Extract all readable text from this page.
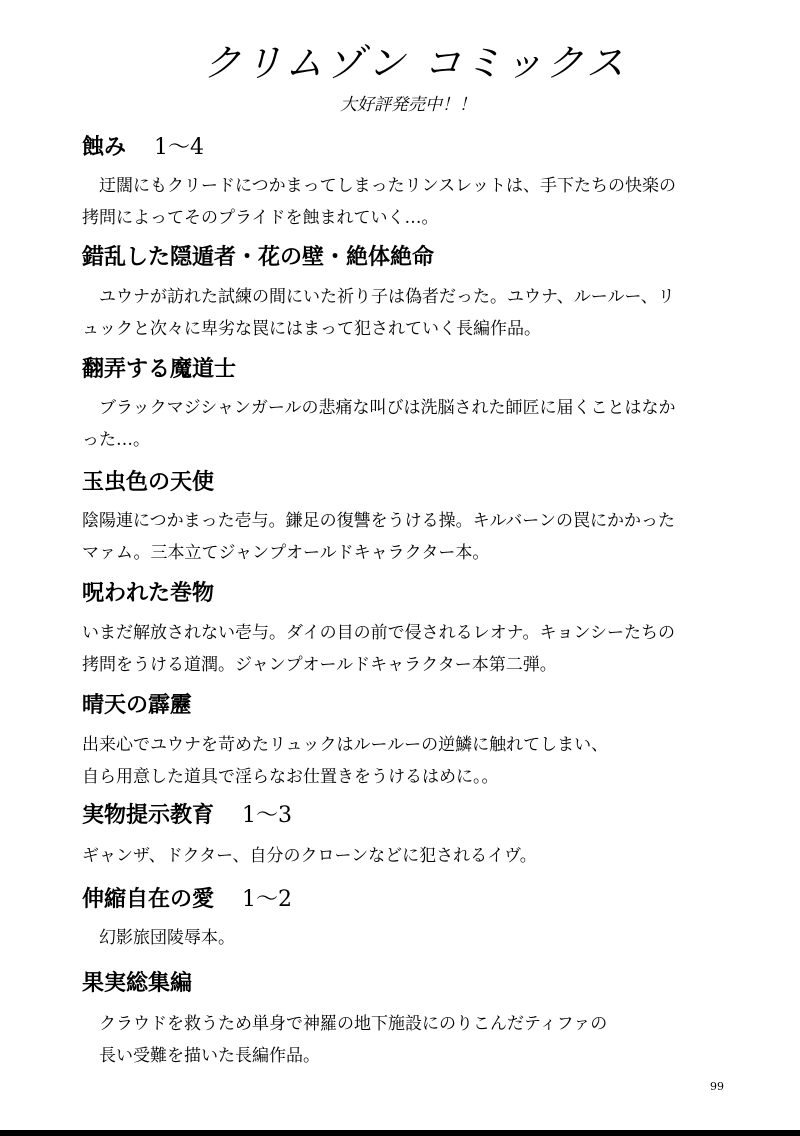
クリムゾン コミックス
大好評発売中！！
蝕み 1～4
　迂闊にもクリードにつかまってしまったリンスレットは、手下たちの快楽の
拷問によってそのプライドを蝕まれていく…。
錯乱した隠遁者・花の壁・絶体絶命
　ユウナが訪れた試練の間にいた祈り子は偽者だった。ユウナ、ルールー、リ
ュックと次々に卑劣な罠にはまって犯されていく長編作品。
翻弄する魔道士
　ブラックマジシャンガールの悲痛な叫びは洗脳された師匠に届くことはなか
った…。
玉虫色の天使
陰陽連につかまった壱与。鎌足の復讐をうける操。キルバーンの罠にかかった
マァム。三本立てジャンプオールドキャラクター本。
呪われた巻物
いまだ解放されない壱与。ダイの目の前で侵されるレオナ。キョンシーたちの
拷問をうける道潤。ジャンプオールドキャラクター本第二弾。
晴天の霹靂
出来心でユウナを苛めたリュックはルールーの逆鱗に触れてしまい、
自ら用意した道具で淫らなお仕置きをうけるはめに。。
実物提示教育 1～3
ギャンザ、ドクター、自分のクローンなどに犯されるイヴ。
伸縮自在の愛 1～2
　幻影旅団陵辱本。
果実総集編
　クラウドを救うため単身で神羅の地下施設にのりこんだティファの
　長い受難を描いた長編作品。
99
